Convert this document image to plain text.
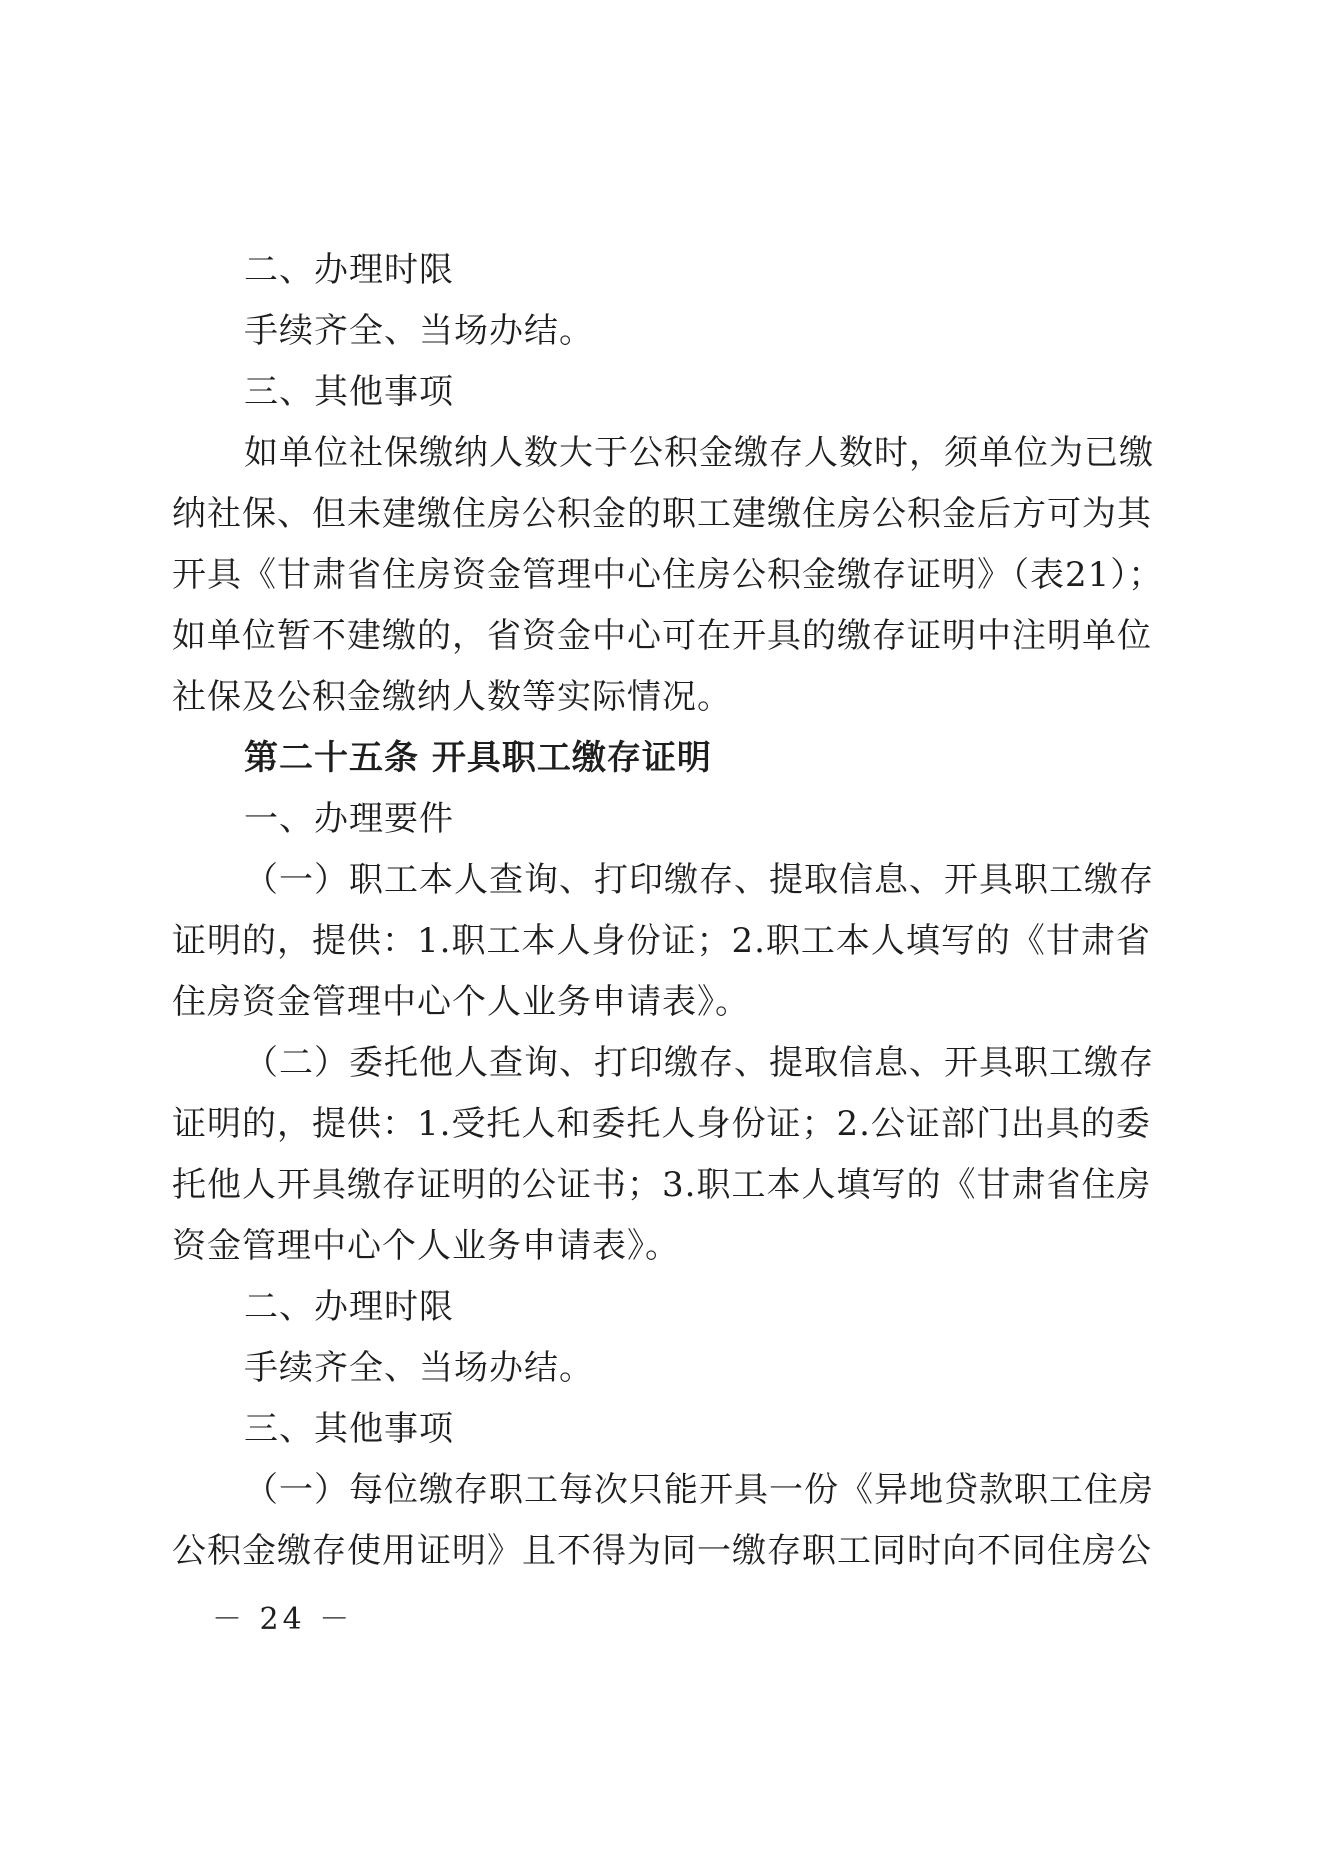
二、办理时限
手续齐全、当场办结。
三、其他事项
如单位社保缴纳人数大于公积金缴存人数时，须单位为已缴
纳社保、但未建缴住房公积金的职工建缴住房公积金后方可为其
开具《甘肃省住房资金管理中心住房公积金缴存证明》（表21）；
如单位暂不建缴的，省资金中心可在开具的缴存证明中注明单位
社保及公积金缴纳人数等实际情况。
第二十五条 开具职工缴存证明
一、办理要件
（一）职工本人查询、打印缴存、提取信息、开具职工缴存
证明的，提供：1.职工本人身份证；2.职工本人填写的《甘肃省
住房资金管理中心个人业务申请表》。
（二）委托他人查询、打印缴存、提取信息、开具职工缴存
证明的，提供：1.受托人和委托人身份证；2.公证部门出具的委
托他人开具缴存证明的公证书；3.职工本人填写的《甘肃省住房
资金管理中心个人业务申请表》。
二、办理时限
手续齐全、当场办结。
三、其他事项
（一）每位缴存职工每次只能开具一份《异地贷款职工住房
公积金缴存使用证明》且不得为同一缴存职工同时向不同住房公
－ 24 －
